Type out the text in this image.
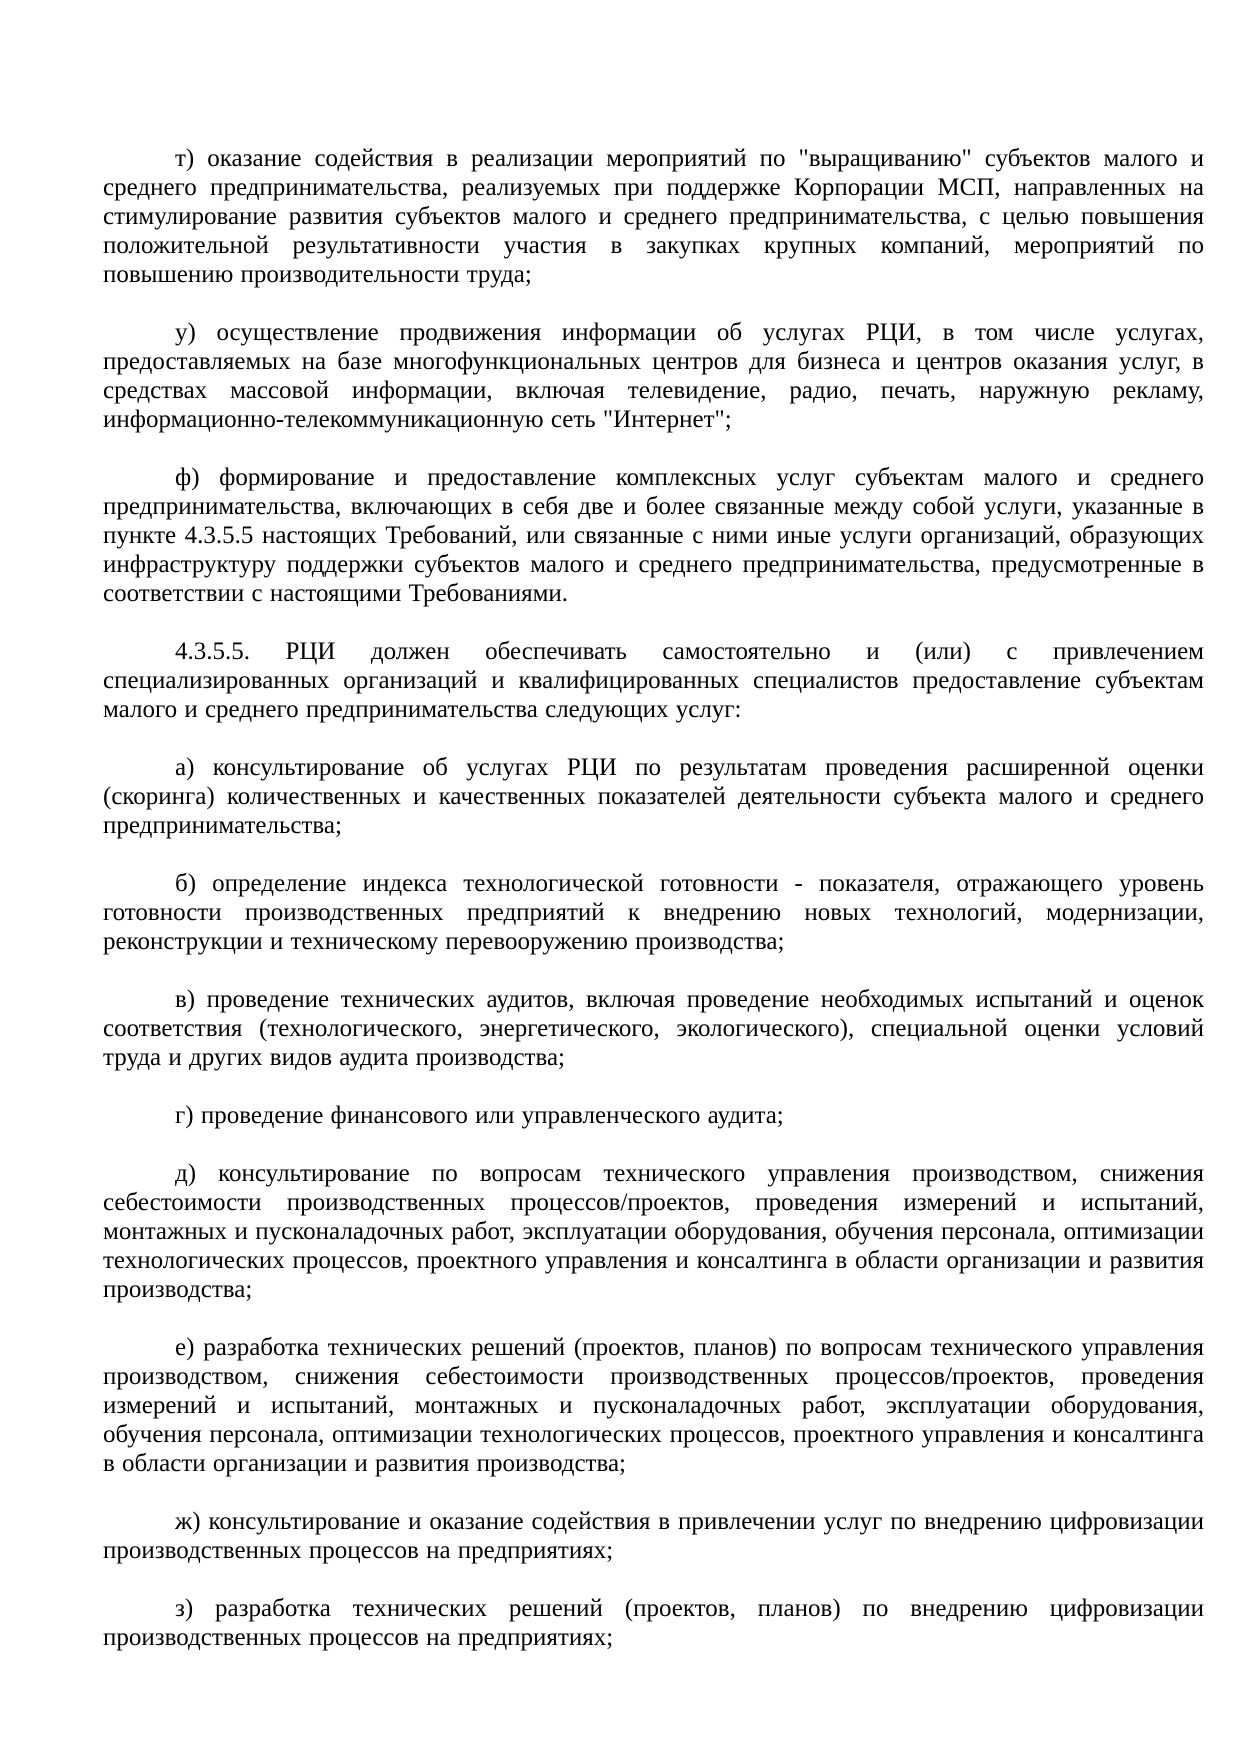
т) оказание содействия в реализации мероприятий по "выращиванию" субъектов малого и среднего предпринимательства, реализуемых при поддержке Корпорации МСП, направленных на стимулирование развития субъектов малого и среднего предпринимательства, с целью повышения положительной результативности участия в закупках крупных компаний, мероприятий по повышению производительности труда;

у) осуществление продвижения информации об услугах РЦИ, в том числе услугах, предоставляемых на базе многофункциональных центров для бизнеса и центров оказания услуг, в средствах массовой информации, включая телевидение, радио, печать, наружную рекламу, информационно-телекоммуникационную сеть "Интернет";

ф) формирование и предоставление комплексных услуг субъектам малого и среднего предпринимательства, включающих в себя две и более связанные между собой услуги, указанные в пункте 4.3.5.5 настоящих Требований, или связанные с ними иные услуги организаций, образующих инфраструктуру поддержки субъектов малого и среднего предпринимательства, предусмотренные в соответствии с настоящими Требованиями.

4.3.5.5. РЦИ должен обеспечивать самостоятельно и (или) с привлечением специализированных организаций и квалифицированных специалистов предоставление субъектам малого и среднего предпринимательства следующих услуг:

а) консультирование об услугах РЦИ по результатам проведения расширенной оценки (скоринга) количественных и качественных показателей деятельности субъекта малого и среднего предпринимательства;

б) определение индекса технологической готовности - показателя, отражающего уровень готовности производственных предприятий к внедрению новых технологий, модернизации, реконструкции и техническому перевооружению производства;

в) проведение технических аудитов, включая проведение необходимых испытаний и оценок соответствия (технологического, энергетического, экологического), специальной оценки условий труда и других видов аудита производства;

г) проведение финансового или управленческого аудита;

д) консультирование по вопросам технического управления производством, снижения себестоимости производственных процессов/проектов, проведения измерений и испытаний, монтажных и пусконаладочных работ, эксплуатации оборудования, обучения персонала, оптимизации технологических процессов, проектного управления и консалтинга в области организации и развития производства;

е) разработка технических решений (проектов, планов) по вопросам технического управления производством, снижения себестоимости производственных процессов/проектов, проведения измерений и испытаний, монтажных и пусконаладочных работ, эксплуатации оборудования, обучения персонала, оптимизации технологических процессов, проектного управления и консалтинга в области организации и развития производства;

ж) консультирование и оказание содействия в привлечении услуг по внедрению цифровизации производственных процессов на предприятиях;

з) разработка технических решений (проектов, планов) по внедрению цифровизации производственных процессов на предприятиях;
